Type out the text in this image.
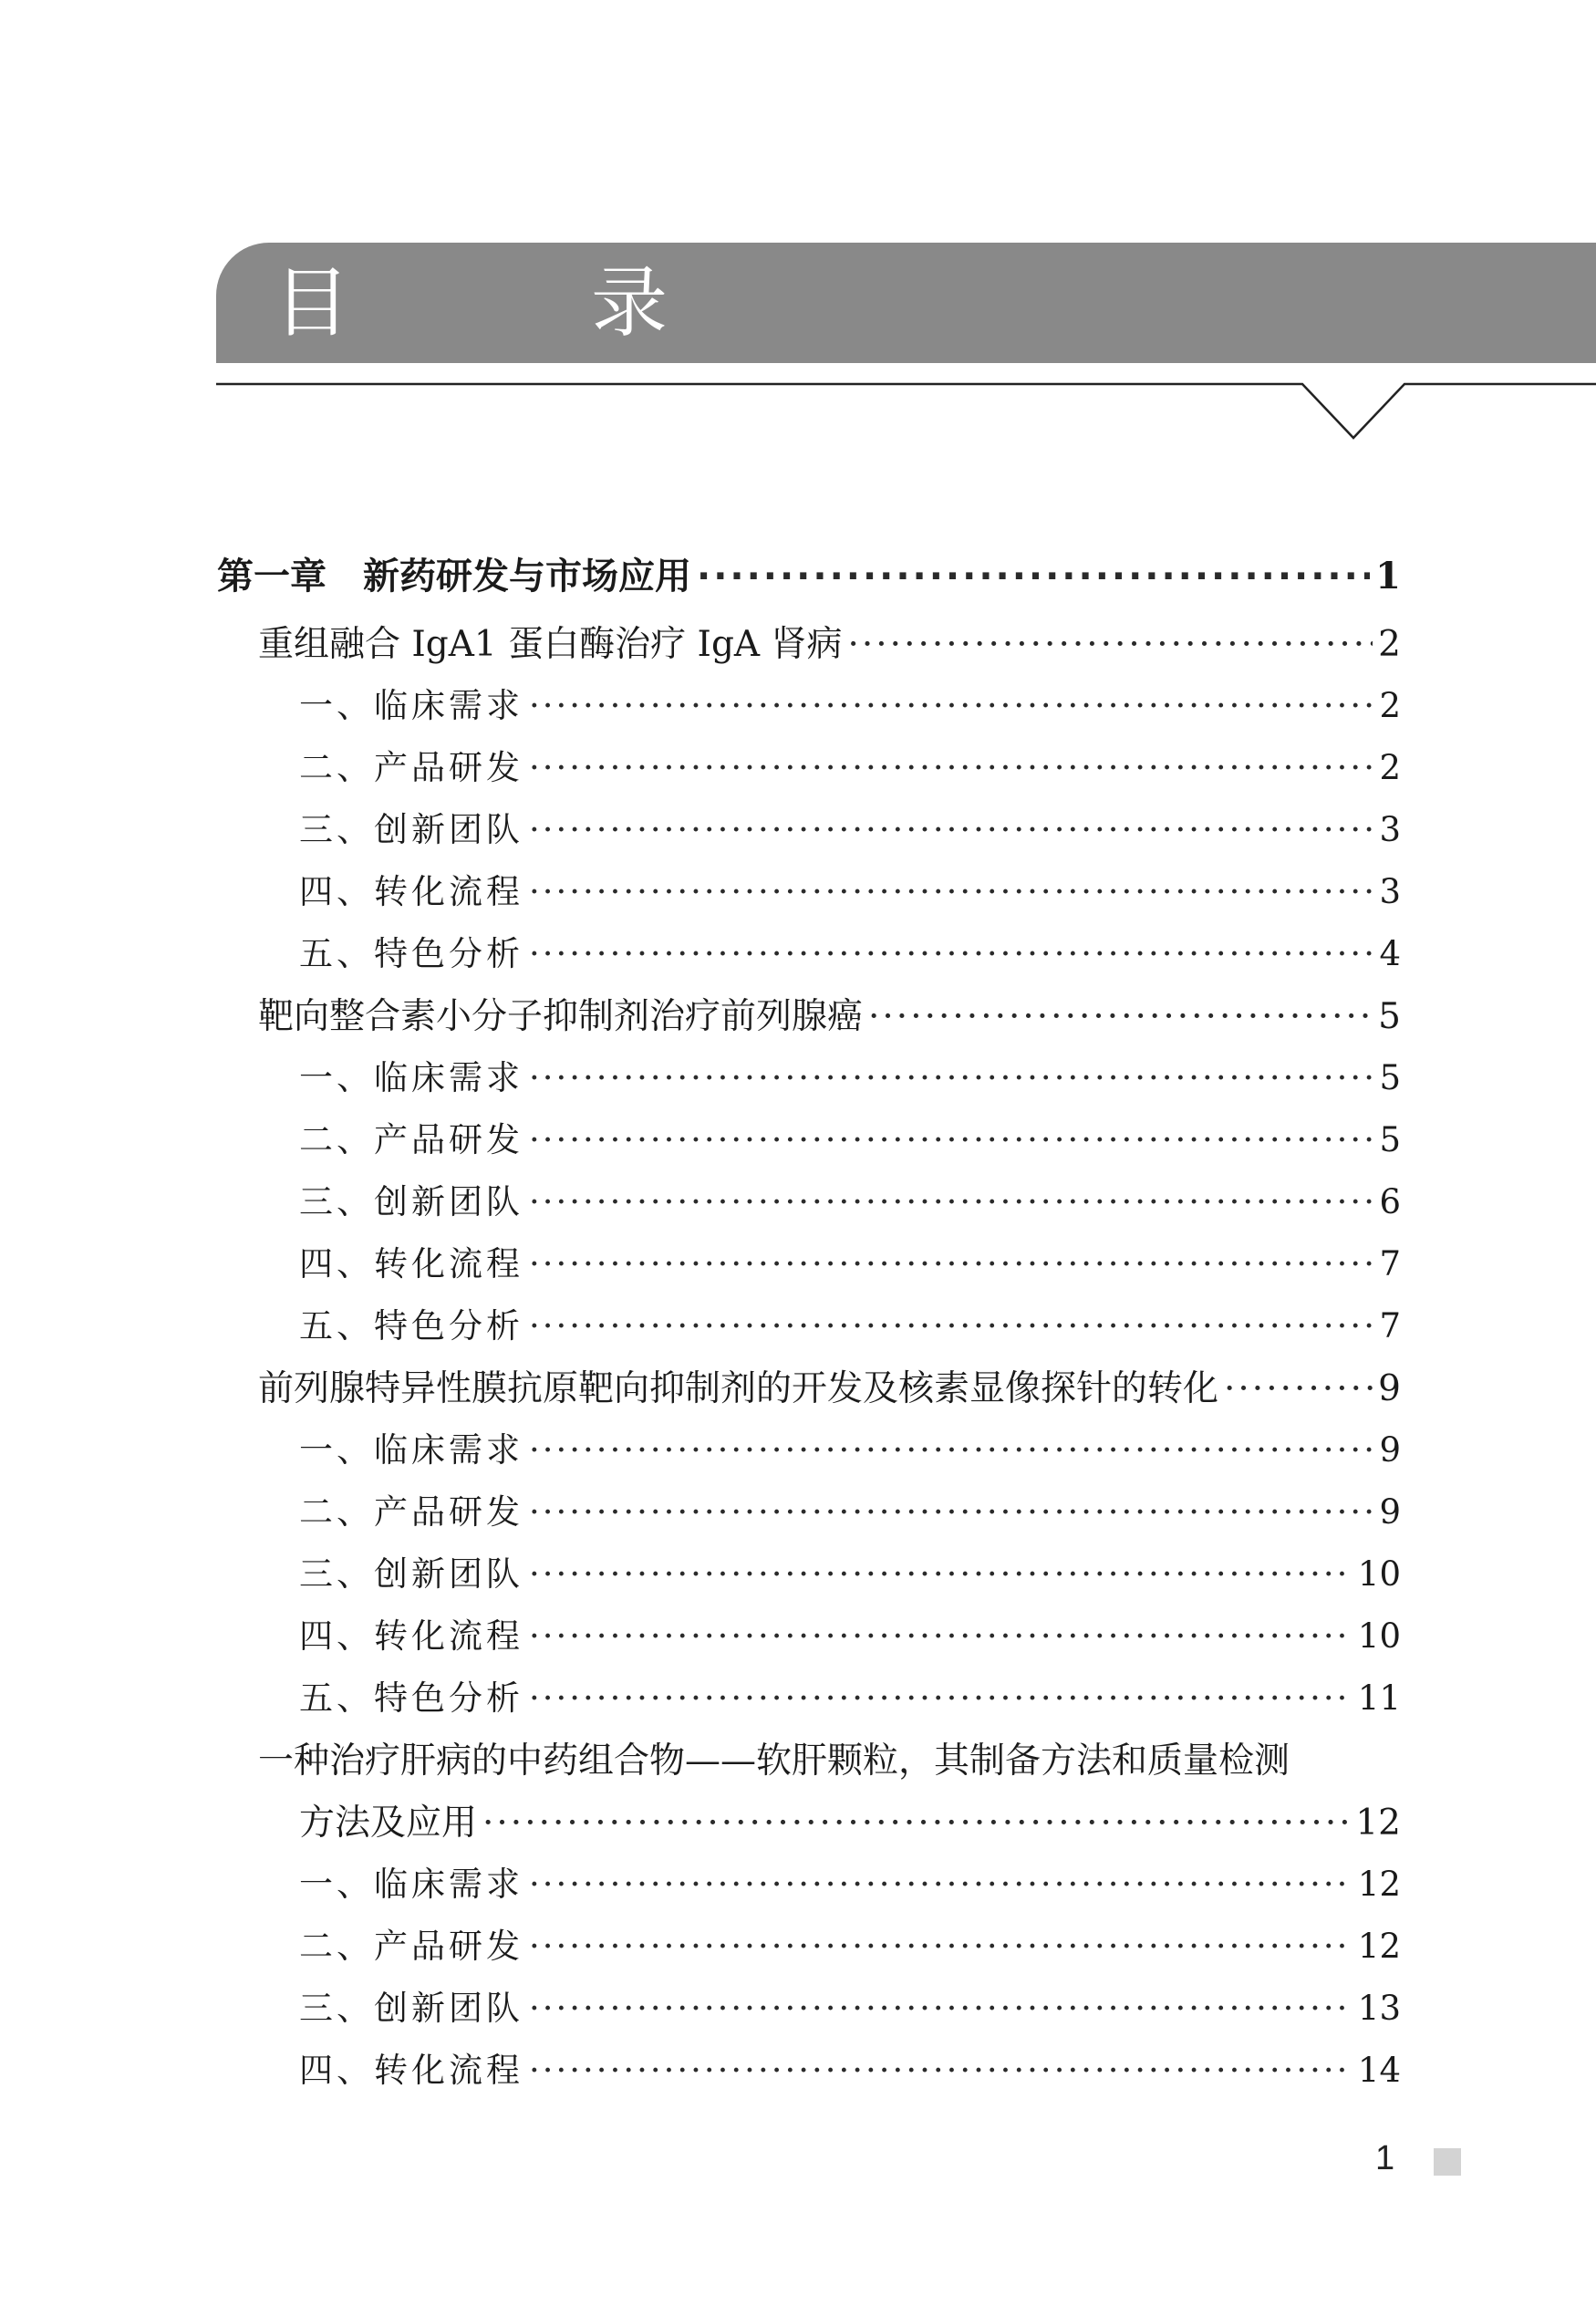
目　录
第一章　新药研发与市场应用 ·····	1
重组融合 IgA1 蛋白酶治疗 IgA 肾病 ·····	2
一、临床需求 ·····	2
二、产品研发 ·····	2
三、创新团队 ·····	3
四、转化流程 ·····	3
五、特色分析 ·····	4
靶向整合素小分子抑制剂治疗前列腺癌 ·····	5
一、临床需求 ·····	5
二、产品研发 ·····	5
三、创新团队 ·····	6
四、转化流程 ·····	7
五、特色分析 ·····	7
前列腺特异性膜抗原靶向抑制剂的开发及核素显像探针的转化 ·····	9
一、临床需求 ·····	9
二、产品研发 ·····	9
三、创新团队 ·····	10
四、转化流程 ·····	10
五、特色分析 ·····	11
一种治疗肝病的中药组合物——软肝颗粒，其制备方法和质量检测
方法及应用 ·····	12
一、临床需求 ·····	12
二、产品研发 ·····	12
三、创新团队 ·····	13
四、转化流程 ·····	14
1
